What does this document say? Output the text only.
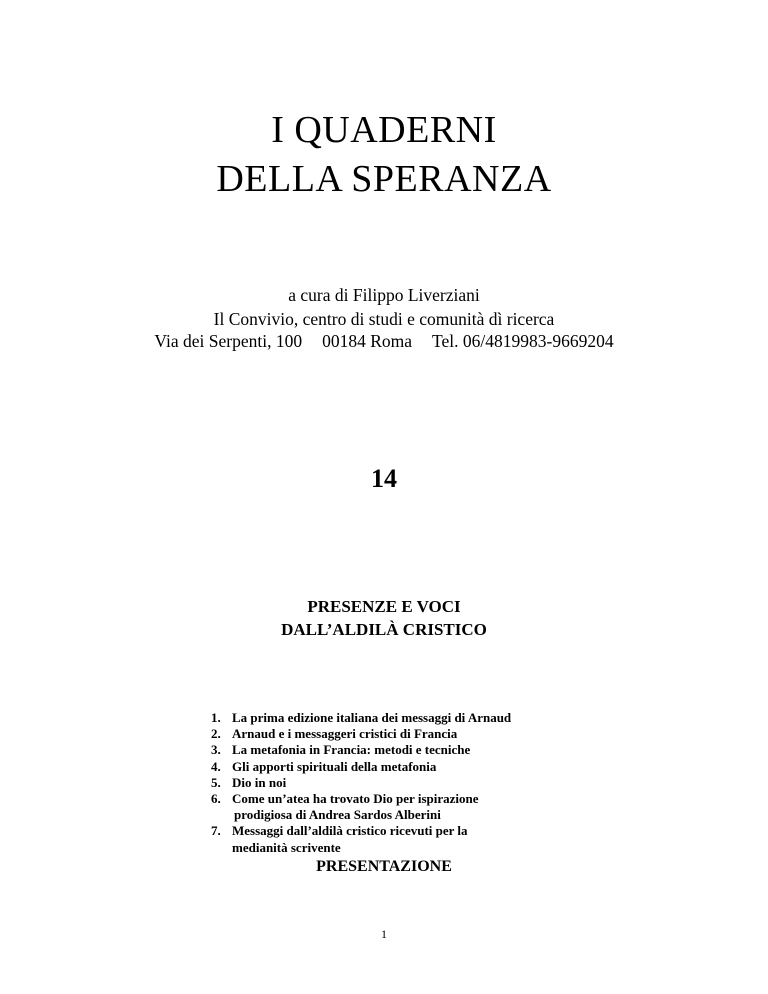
I QUADERNI
DELLA SPERANZA
a cura di Filippo Liverziani
Il Convivio, centro di studi e comunità dì ricerca
Via dei Serpenti, 100 00184 Roma Tel. 06/4819983-9669204
14
PRESENZE E VOCI
DALL’ALDILÀ CRISTICO
1. La prima edizione italiana dei messaggi di Arnaud
2. Arnaud e i messaggeri cristici di Francia
3. La metafonia in Francia: metodi e tecniche
4. Gli apporti spirituali della metafonia
5. Dio in noi
6. Come un’atea ha trovato Dio per ispirazione
prodigiosa di Andrea Sardos Alberini
7. Messaggi dall’aldilà cristico ricevuti per la
medianità scrivente
PRESENTAZIONE
1
